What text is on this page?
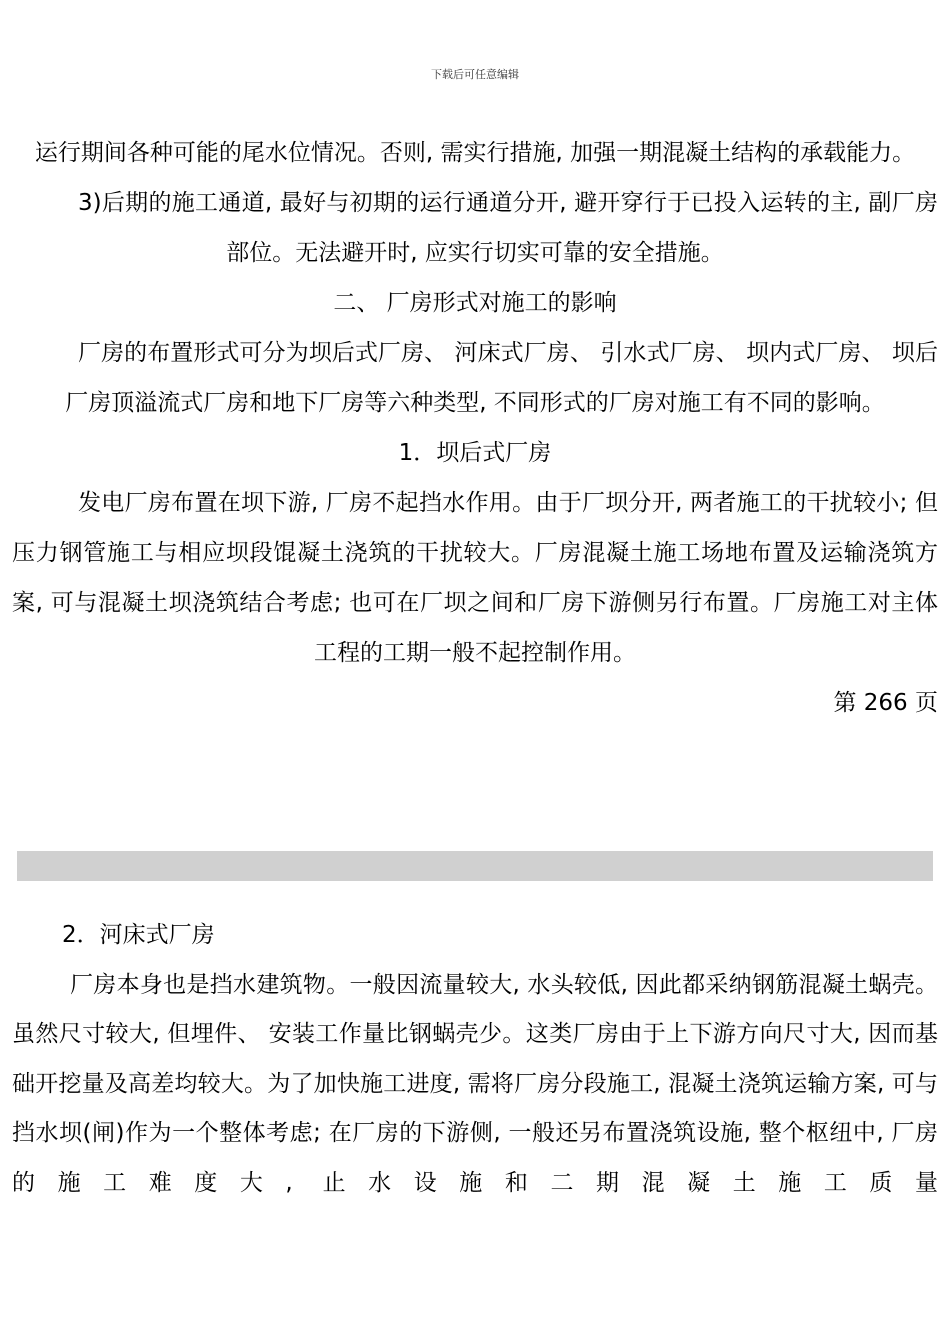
下载后可任意编辑

运行期间各种可能的尾水位情况。否则, 需实行措施, 加强一期混凝土结构的承载能力。

3)后期的施工通道, 最好与初期的运行通道分开, 避开穿行于已投入运转的主, 副厂房部位。无法避开时, 应实行切实可靠的安全措施。

二、 厂房形式对施工的影响

厂房的布置形式可分为坝后式厂房、 河床式厂房、 引水式厂房、 坝内式厂房、 坝后厂房顶溢流式厂房和地下厂房等六种类型, 不同形式的厂房对施工有不同的影响。

1．坝后式厂房

发电厂房布置在坝下游, 厂房不起挡水作用。由于厂坝分开, 两者施工的干扰较小; 但压力钢管施工与相应坝段馄凝土浇筑的干扰较大。厂房混凝土施工场地布置及运输浇筑方案, 可与混凝土坝浇筑结合考虑; 也可在厂坝之间和厂房下游侧另行布置。厂房施工对主体工程的工期一般不起控制作用。

第 266 页

2．河床式厂房

厂房本身也是挡水建筑物。一般因流量较大, 水头较低, 因此都采纳钢筋混凝土蜗壳。虽然尺寸较大, 但埋件、 安装工作量比钢蜗壳少。这类厂房由于上下游方向尺寸大, 因而基础开挖量及高差均较大。为了加快施工进度, 需将厂房分段施工, 混凝土浇筑运输方案, 可与挡水坝(闸)作为一个整体考虑; 在厂房的下游侧, 一般还另布置浇筑设施, 整个枢纽中, 厂房的施工难度大, 止水设施和二期混凝土施工质量
